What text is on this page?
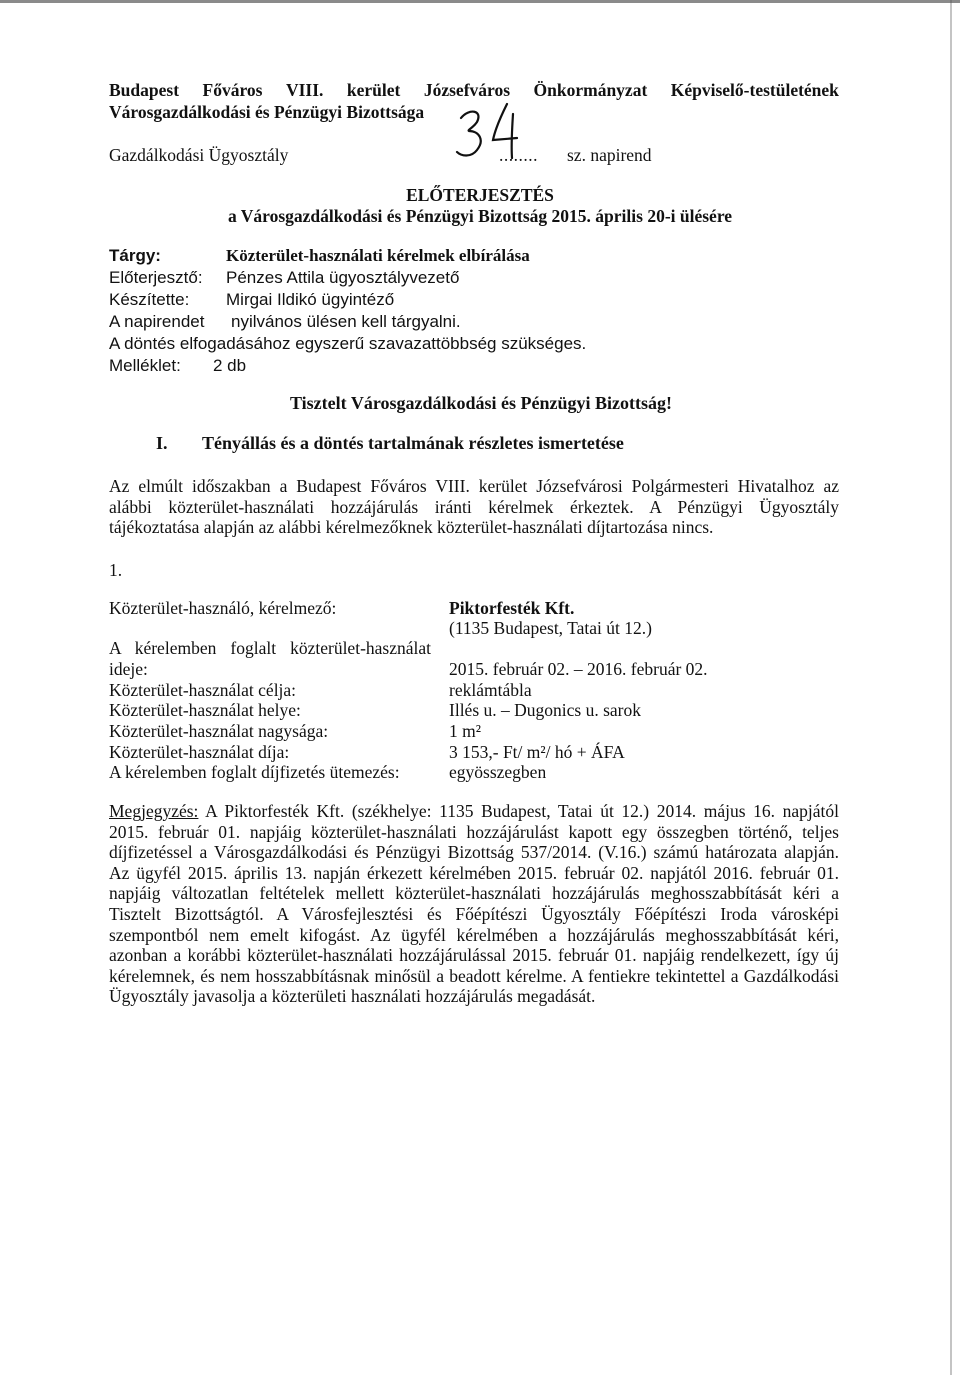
Budapest Főváros VIII. kerület Józsefváros Önkormányzat Képviselő-testületének
Városgazdálkodási és Pénzügyi Bizottsága
Gazdálkodási Ügyosztály	........ sz. napirend
ELŐTERJESZTÉS
a Városgazdálkodási és Pénzügyi Bizottság 2015. április 20-i ülésére
Tárgy:	Közterület-használati kérelmek elbírálása
Előterjesztő: Pénzes Attila ügyosztályvezető
Készítette: Mirgai Ildikó ügyintéző
A napirendet nyilvános ülésen kell tárgyalni.
A döntés elfogadásához egyszerű szavazattöbbség szükséges.
Melléklet: 2 db
Tisztelt Városgazdálkodási és Pénzügyi Bizottság!
I. Tényállás és a döntés tartalmának részletes ismertetése
Az elmúlt időszakban a Budapest Főváros VIII. kerület Józsefvárosi Polgármesteri Hivatalhoz az
alábbi közterület-használati hozzájárulás iránti kérelmek érkeztek. A Pénzügyi Ügyosztály
tájékoztatása alapján az alábbi kérelmezőknek közterület-használati díjtartozása nincs.
1.
Közterület-használó, kérelmező:	Piktorfesték Kft.
(1135 Budapest, Tatai út 12.)
A kérelemben foglalt közterület-használat
ideje:	2015. február 02. – 2016. február 02.
Közterület-használat célja:	reklámtábla
Közterület-használat helye:	Illés u. – Dugonics u. sarok
Közterület-használat nagysága:	1 m²
Közterület-használat díja:	3 153,- Ft/ m²/ hó + ÁFA
A kérelemben foglalt díjfizetés ütemezés:	egyösszegben
Megjegyzés: A Piktorfesték Kft. (székhelye: 1135 Budapest, Tatai út 12.) 2014. május 16. napjától
2015. február 01. napjáig közterület-használati hozzájárulást kapott egy összegben történő, teljes
díjfizetéssel a Városgazdálkodási és Pénzügyi Bizottság 537/2014. (V.16.) számú határozata alapján.
Az ügyfél 2015. április 13. napján érkezett kérelmében 2015. február 02. napjától 2016. február 01.
napjáig változatlan feltételek mellett közterület-használati hozzájárulás meghosszabbítását kéri a
Tisztelt Bizottságtól. A Városfejlesztési és Főépítészi Ügyosztály Főépítészi Iroda városképi
szempontból nem emelt kifogást. Az ügyfél kérelmében a hozzájárulás meghosszabbítását kéri,
azonban a korábbi közterület-használati hozzájárulással 2015. február 01. napjáig rendelkezett, így új
kérelemnek, és nem hosszabbításnak minősül a beadott kérelme. A fentiekre tekintettel a Gazdálkodási
Ügyosztály javasolja a közterületi használati hozzájárulás megadását.
